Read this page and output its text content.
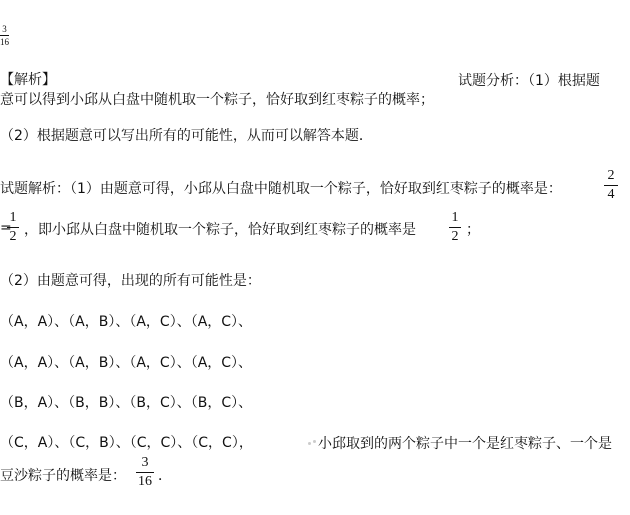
3
16
【解析】	试题分析：（1）根据题
意可以得到小邱从白盘中随机取一个粽子，恰好取到红枣粽子的概率；
（2）根据题意可以写出所有的可能性，从而可以解答本题．
试题解析：（1）由题意可得，小邱从白盘中随机取一个粽子，恰好取到红枣粽子的概率是：
2
4
=
1
2 ，即小邱从白盘中随机取一个粽子，恰好取到红枣粽子的概率是
1
2 ；
（2）由题意可得，出现的所有可能性是：
（A，A）、（A，B）、（A，C）、（A，C）、
（A，A）、（A，B）、（A，C）、（A，C）、
（B，A）、（B，B）、（B，C）、（B，C）、
（C，A）、（C，B）、（C，C）、（C，C），	小邱取到的两个粽子中一个是红枣粽子、一个是
豆沙粽子的概率是：
3
16 ．
